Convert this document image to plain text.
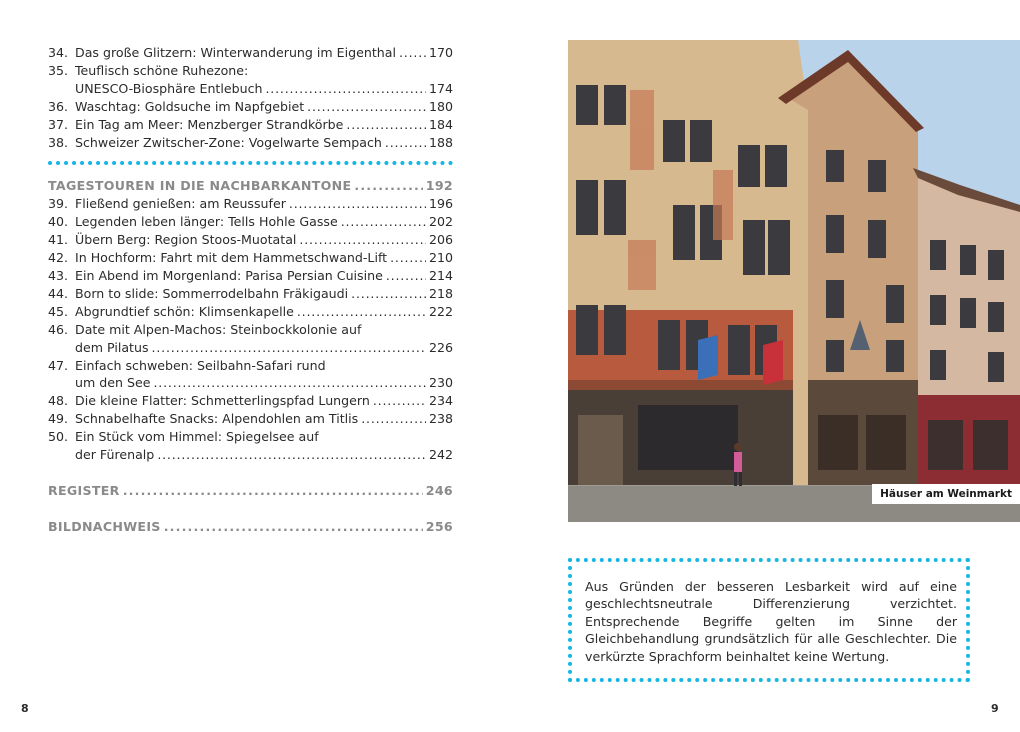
34. Das große Glitzern: Winterwanderung im Eigenthal . . .	170
35. Teuflisch schöne Ruhezone:
UNESCO-Biosphäre Entlebuch . . .	174
36. Waschtag: Goldsuche im Napfgebiet . . .	180
37. Ein Tag am Meer: Menzberger Strandkörbe . . .	184
38. Schweizer Zwitscher-Zone: Vogelwarte Sempach . . .	188
TAGESTOUREN IN DIE NACHBARKANTONE . . .	192
39. Fließend genießen: am Reussufer . . .	196
40. Legenden leben länger: Tells Hohle Gasse . . .	202
41. Übern Berg: Region Stoos-Muotatal . . .	206
42. In Hochform: Fahrt mit dem Hammetschwand-Lift . . .	210
43. Ein Abend im Morgenland: Parisa Persian Cuisine . . .	214
44. Born to slide: Sommerrodelbahn Fräkigaudi . . .	218
45. Abgrundtief schön: Klimsenkapelle . . .	222
46. Date mit Alpen-Machos: Steinbockkolonie auf
dem Pilatus . . .	226
47. Einfach schweben: Seilbahn-Safari rund
um den See . . .	230
48. Die kleine Flatter: Schmetterlingspfad Lungern . . .	234
49. Schnabelhafte Snacks: Alpendohlen am Titlis . . .	238
50. Ein Stück vom Himmel: Spiegelsee auf
der Fürenalp . . .	242
REGISTER . . .	246
BILDNACHWEIS . . .	256
Häuser am Weinmarkt

Aus Gründen der besseren Lesbarkeit wird auf eine geschlechtsneutrale Differenzierung verzichtet. Entsprechende Begriffe gelten im Sinne der Gleichbehandlung grundsätzlich für alle Geschlechter. Die verkürzte Sprachform beinhaltet keine Wertung.

8	9
